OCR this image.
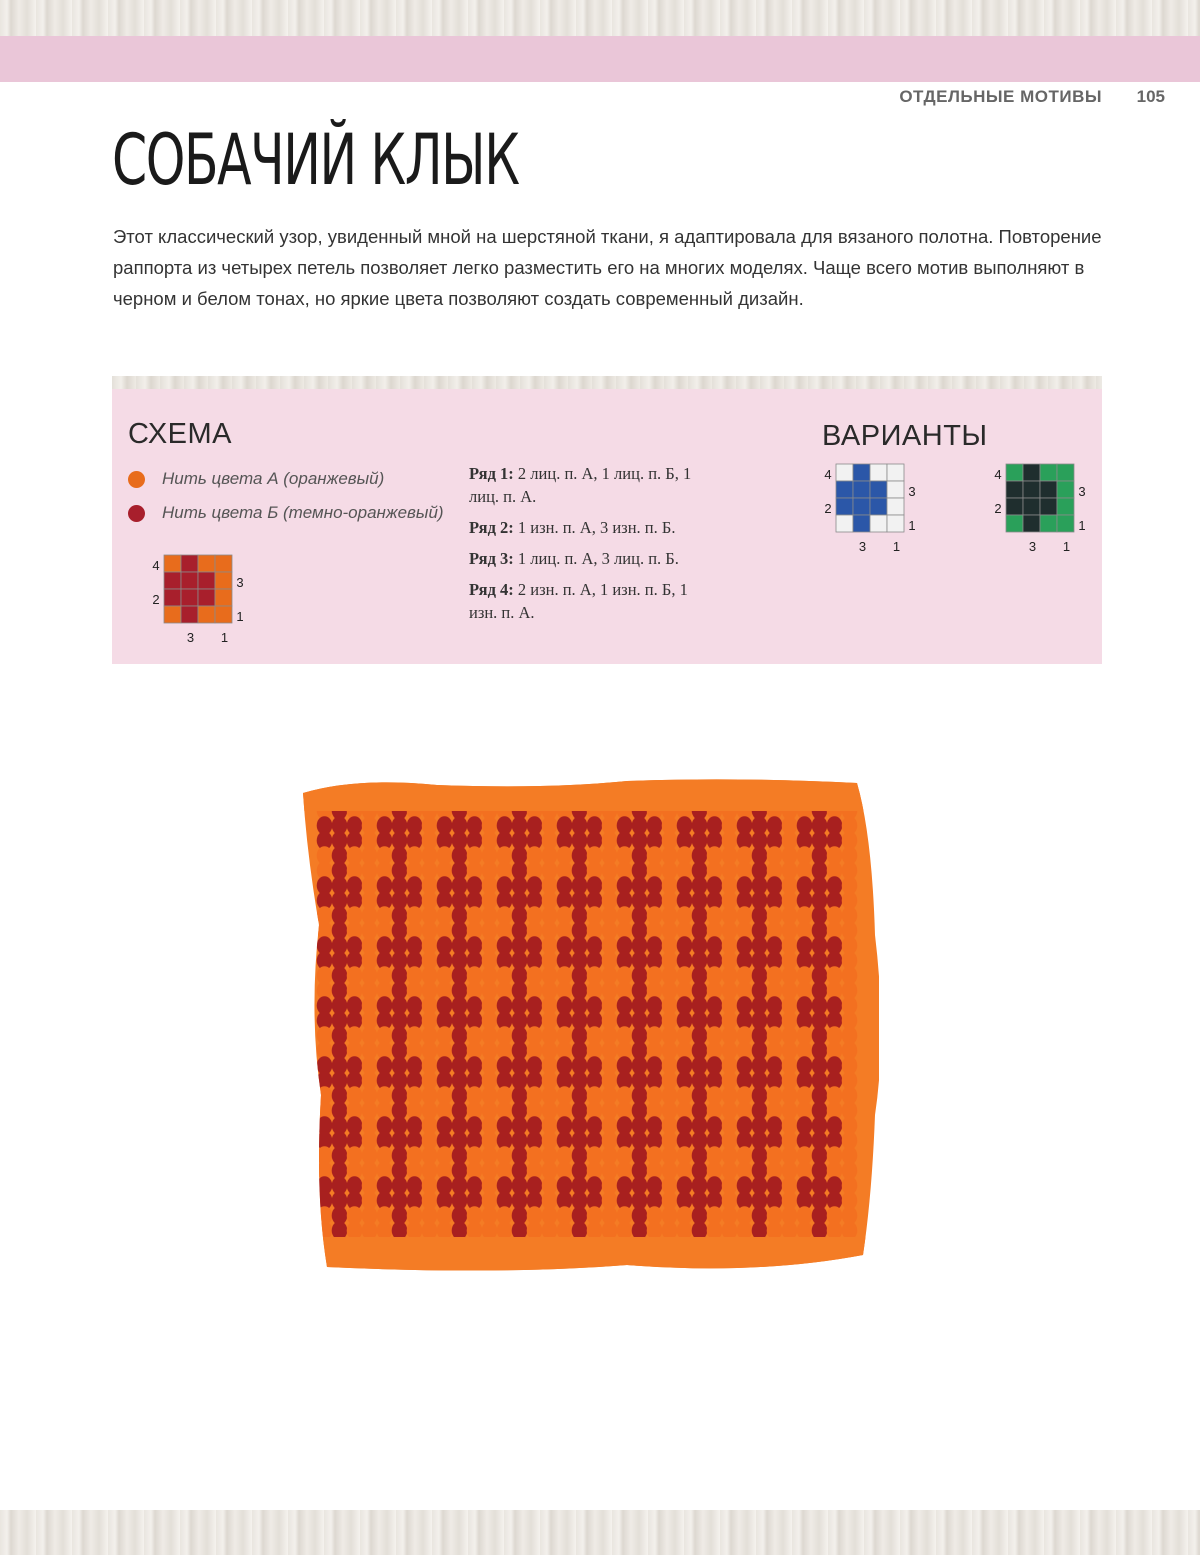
ОТДЕЛЬНЫЕ МОТИВЫ 105
СОБАЧИЙ КЛЫК

Этот классический узор, увиденный мной на шерстяной ткани, я адаптировала для вязаного полотна. Повторение раппорта из четырех петель позволяет легко разместить его на многих моделях. Чаще всего мотив выполняют в черном и белом тонах, но яркие цвета позволяют создать современный дизайн.

СХЕМА	ВАРИАНТЫ
Нить цвета А (оранжевый)
Нить цвета Б (темно-оранжевый)
Ряд 1: 2 лиц. п. А, 1 лиц. п. Б, 1 лиц. п. А.
Ряд 2: 1 изн. п. А, 3 изн. п. Б.
Ряд 3: 1 лиц. п. А, 3 лиц. п. Б.
Ряд 4: 2 изн. п. А, 1 изн. п. Б, 1 изн. п. А.
4
2
3
1
3 1
4
2
3
1
3 1
4
2
3
1
3 1
